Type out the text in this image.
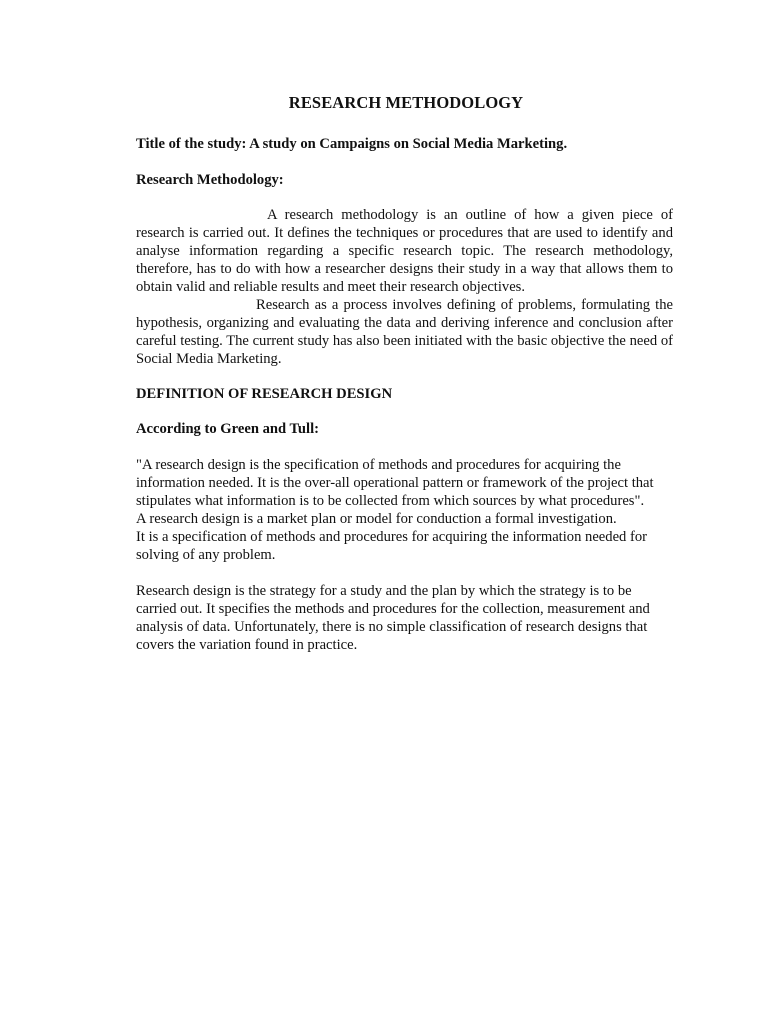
RESEARCH METHODOLOGY
Title of the study: A study on Campaigns on Social Media Marketing.
Research Methodology:
A research methodology is an outline of how a given piece of research is carried out. It defines the techniques or procedures that are used to identify and analyse information regarding a specific research topic. The research methodology, therefore, has to do with how a researcher designs their study in a way that allows them to obtain valid and reliable results and meet their research objectives.
Research as a process involves defining of problems, formulating the hypothesis, organizing and evaluating the data and deriving inference and conclusion after careful testing. The current study has also been initiated with the basic objective the need of Social Media Marketing.
DEFINITION OF RESEARCH DESIGN
According to Green and Tull:
"A research design is the specification of methods and procedures for acquiring the information needed. It is the over-all operational pattern or framework of the project that stipulates what information is to be collected from which sources by what procedures".
A research design is a market plan or model for conduction a formal investigation.
It is a specification of methods and procedures for acquiring the information needed for solving of any problem.
Research design is the strategy for a study and the plan by which the strategy is to be carried out. It specifies the methods and procedures for the collection, measurement and analysis of data. Unfortunately, there is no simple classification of research designs that covers the variation found in practice.
